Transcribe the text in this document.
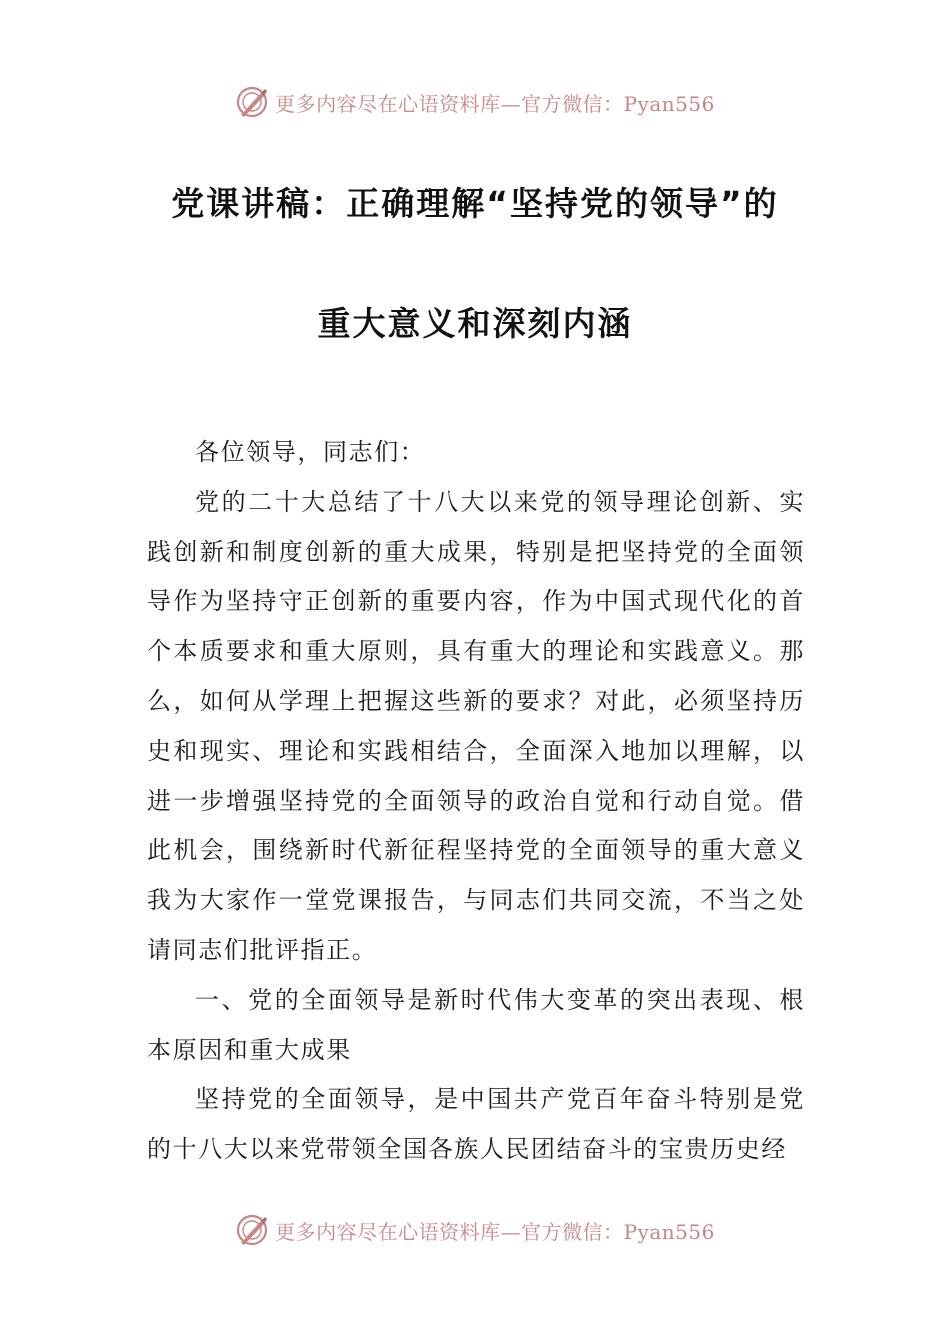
更多内容尽在心语资料库—官方微信：Pyan556
党课讲稿：正确理解“坚持党的领导”的
重大意义和深刻内涵

各位领导，同志们：

党的二十大总结了十八大以来党的领导理论创新、实践创新和制度创新的重大成果，特别是把坚持党的全面领导作为坚持守正创新的重要内容，作为中国式现代化的首个本质要求和重大原则，具有重大的理论和实践意义。那么，如何从学理上把握这些新的要求？对此，必须坚持历史和现实、理论和实践相结合，全面深入地加以理解，以进一步增强坚持党的全面领导的政治自觉和行动自觉。借此机会，围绕新时代新征程坚持党的全面领导的重大意义我为大家作一堂党课报告，与同志们共同交流，不当之处请同志们批评指正。

一、党的全面领导是新时代伟大变革的突出表现、根本原因和重大成果

坚持党的全面领导，是中国共产党百年奋斗特别是党的十八大以来党带领全国各族人民团结奋斗的宝贵历史经

更多内容尽在心语资料库—官方微信：Pyan556
